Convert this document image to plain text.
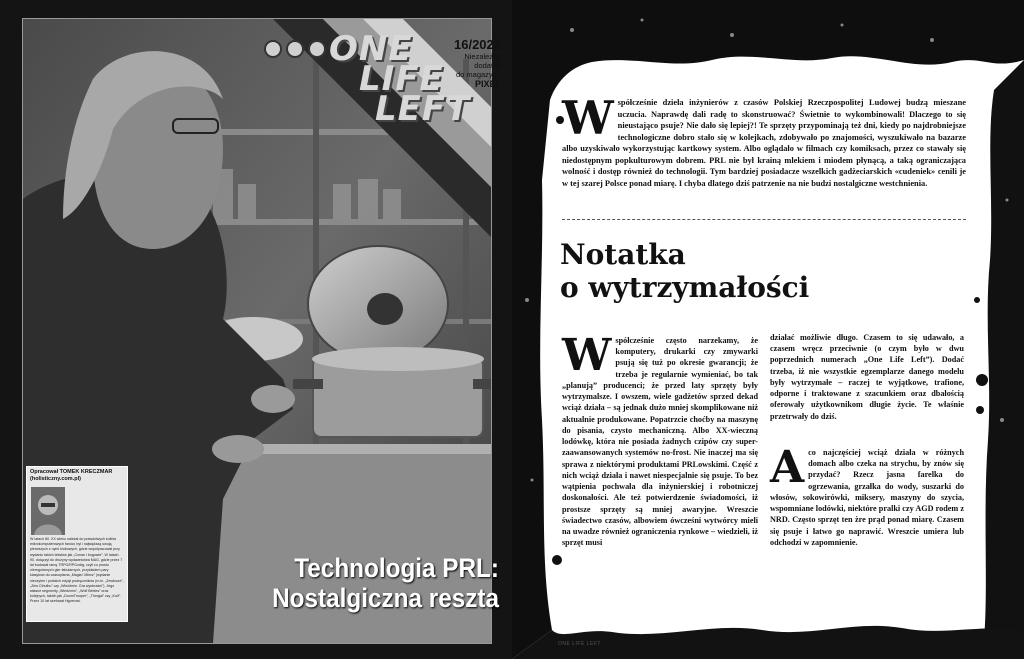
ONE
LIFE
LEFT
16/2022
Niezależny
dodatek
do magazynu
PIXEL
Technologia PRL:
Nostalgiczna reszta
Opracował TOMEK KRECZMAR
(holisticzny.com.pl)
W latach 80. XX wieku należał do prawdziwych kultów mikrokomputerowych fanów, był i największą swoją pierwszych z nymi klubowych, gdzie współpracował przy wydaniu takich tekstów jak „Conan i bogowie”. W latach 90. dołączył do drużyny wydawnictwa MAG, gdzie przez 7 lat budował ramę TRPG/RPGzdrg, czyli co prostu nieregularnych gier fabularnych, przykładem pary klasyków do czasopisma „Magia i Miecz” (wydanie nieczytne i polskich edycji podręczników (m.in. „Zewłocze”, „Zew Cthulhu” czy „Wiedźmin. Gra wyobraźni”). Jego własne segmenty „Wiedźmin”, „Wolf Bebles” oraz kolejnych, takich jak „DoomTrooper”, „Thorgal” czy „Kult”. Przez 10 lat szefował Hyperowi.
Współcześnie dzieła inżynierów z czasów Polskiej Rzeczpospolitej Ludowej budzą mieszane uczucia. Naprawdę dali radę to skonstruować? Świetnie to wykombinowali! Dlaczego to się nieustająco psuje? Nie dało się lepiej?! Te sprzęty przypominają też dni, kiedy po najdrobniejsze technologiczne dobro stało się w kolejkach, zdobywało po znajomości, wyszukiwało na bazarze albo uzyskiwało wykorzystując kartkowy system. Albo oglądało w filmach czy komiksach, przez co stawały się niedostępnym popkulturowym dobrem. PRL nie był krainą mlekiem i miodem płynącą, a taką ograniczająca wolność i dostęp również do technologii. Tym bardziej posiadacze wszelkich gadżeciarskich «cudeniek» cenili je w tej szarej Polsce ponad miarę. I chyba dlatego dziś patrzenie na nie budzi nostalgiczne westchnienia.
Notatka
o wytrzymałości
Współcześnie często narzekamy, że komputery, drukarki czy zmywarki psują się tuż po okresie gwarancji; że trzeba je regularnie wymieniać, bo tak „planują” producenci; że przed laty sprzęty były wytrzymalsze. I owszem, wiele gadżetów sprzed dekad wciąż działa – są jednak dużo mniej skomplikowane niż aktualnie produkowane. Popatrzcie choćby na maszynę do pisania, czysto mechaniczną. Albo XX-wieczną lodówkę, która nie posiada żadnych czipów czy super-zaawansowanych systemów no-frost. Nie inaczej ma się sprawa z niektórymi produktami PRLowskimi. Część z nich wciąż działa i nawet niespecjalnie się psuje. To bez wątpienia pochwała dla inżynierskiej i robotniczej doskonałości. Ale też potwierdzenie świadomości, iż prostsze sprzęty są mniej awaryjne. Wreszcie świadectwo czasów, albowiem ówcześni wytwórcy mieli na uwadze również ograniczenia rynkowe – wiedzieli, iż sprzęt musi
działać możliwie długo. Czasem to się udawało, a czasem wręcz przeciwnie (o czym było w dwu poprzednich numerach „One Life Left”). Dodać trzeba, iż nie wszystkie egzemplarze danego modelu były wytrzymałe – raczej te wyjątkowe, trafione, odporne i traktowane z szacunkiem oraz dbałością oferowały użytkownikom długie życie. Te właśnie przetrwały do dziś.
Aco najczęściej wciąż działa w różnych domach albo czeka na strychu, by znów się przydać? Rzecz jasna farelka do ogrzewania, grzałka do wody, suszarki do włosów, sokowirówki, miksery, maszyny do szycia, wspomniane lodówki, niektóre pralki czy AGD rodem z NRD. Często sprzęt ten żre prąd ponad miarę. Czasem się psuje i łatwo go naprawić. Wreszcie umiera lub odchodzi w zapomnienie.
ONE LIFE LEFT
